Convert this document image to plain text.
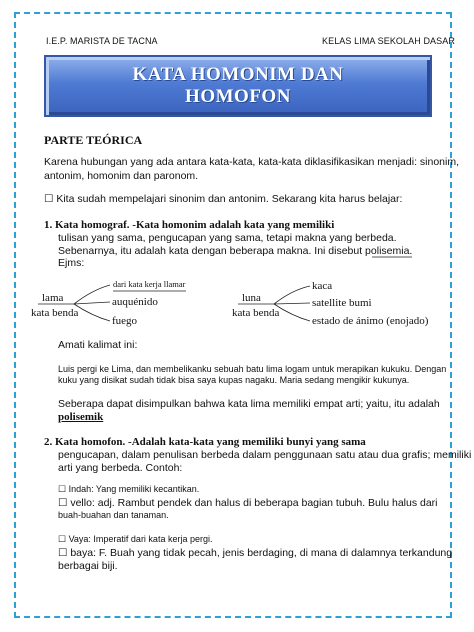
I.E.P. MARISTA DE TACNA	KELAS LIMA SEKOLAH DASAR
KATA HOMONIM DAN
HOMOFON
PARTE TEÓRICA
Karena hubungan yang ada antara kata-kata, kata-kata diklasifikasikan menjadi: sinonim,
antonim, homonim dan paronom.
☐ Kita sudah mempelajari sinonim dan antonim. Sekarang kita harus belajar:
1. Kata homograf. -Kata homonim adalah kata yang memiliki
tulisan yang sama, pengucapan yang sama, tetapi makna yang berbeda.
Sebenarnya, itu adalah kata dengan beberapa makna. Ini disebut polisemia.
Ejms:
dari kata kerja llamar
lama
kata benda
auquénido
fuego
luna
kata benda
kaca
satellite bumi
estado de ánimo (enojado)
Amati kalimat ini:
Luis pergi ke Lima, dan membelikanku sebuah batu lima logam untuk merapikan kukuku. Dengan
kuku yang disikat sudah tidak bisa saya kupas nagaku. Maria sedang mengikir kukunya.
Seberapa dapat disimpulkan bahwa kata lima memiliki empat arti; yaitu, itu adalah
polisemik
2. Kata homofon. -Adalah kata-kata yang memiliki bunyi yang sama
pengucapan, dalam penulisan berbeda dalam penggunaan satu atau dua grafis; memiliki
arti yang berbeda. Contoh:
☐ Indah: Yang memiliki kecantikan.
☐ vello: adj. Rambut pendek dan halus di beberapa bagian tubuh. Bulu halus dari
buah-buahan dan tanaman.
☐ Vaya: Imperatif dari kata kerja pergi.
☐ baya: F. Buah yang tidak pecah, jenis berdaging, di mana di dalamnya terkandung
berbagai biji.
